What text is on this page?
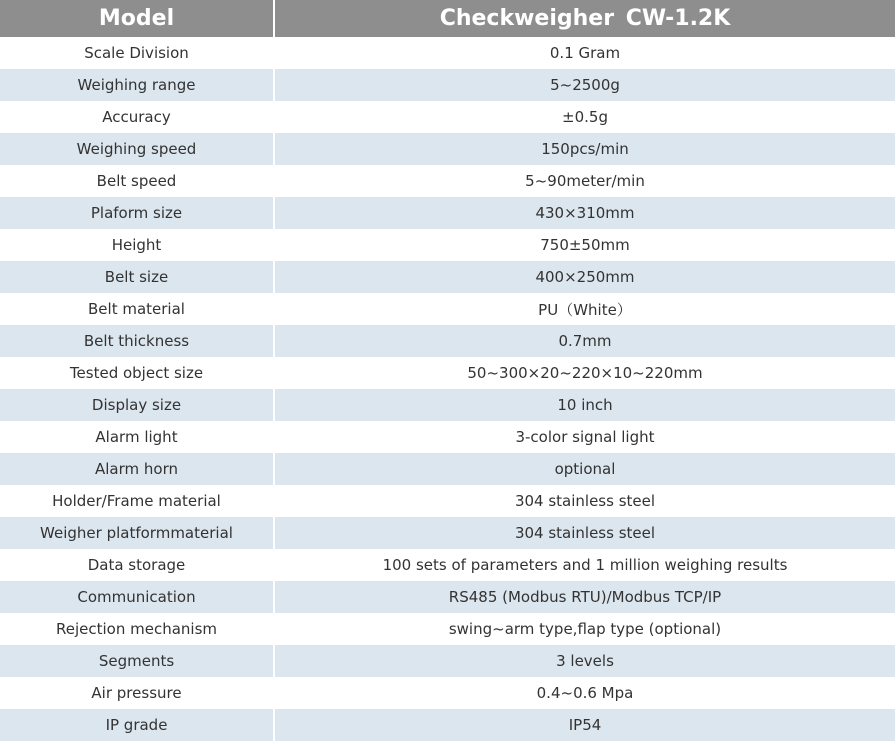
Model	Checkweigher CW-1.2K
Scale Division	0.1 Gram
Weighing range	5~2500g
Accuracy	±0.5g
Weighing speed	150pcs/min
Belt speed	5~90meter/min
Plaform size	430×310mm
Height	750±50mm
Belt size	400×250mm
Belt material	PU（White）
Belt thickness	0.7mm
Tested object size	50~300×20~220×10~220mm
Display size	10 inch
Alarm light	3-color signal light
Alarm horn	optional
Holder/Frame material	304 stainless steel
Weigher platformmaterial	304 stainless steel
Data storage	100 sets of parameters and 1 million weighing results
Communication	RS485 (Modbus RTU)/Modbus TCP/IP
Rejection mechanism	swing~arm type,flap type (optional)
Segments	3 levels
Air pressure	0.4~0.6 Mpa
IP grade	IP54
